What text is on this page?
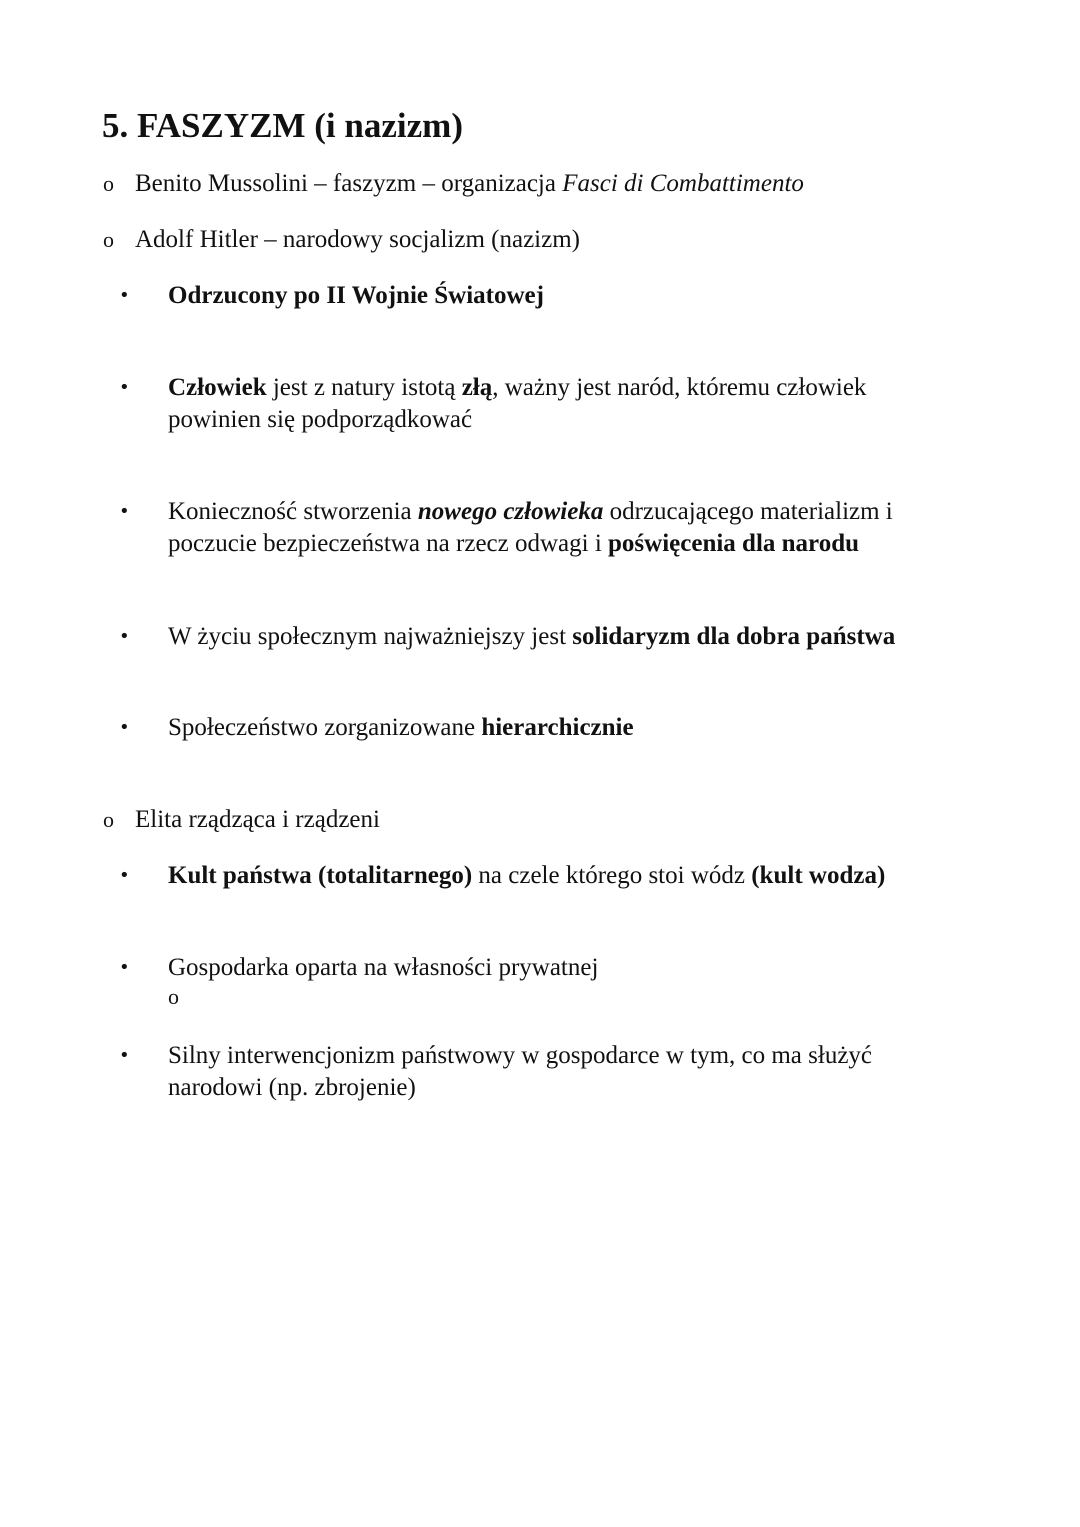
5. FASZYZM (i nazizm)
o Benito Mussolini – faszyzm – organizacja Fasci di Combattimento
o Adolf Hitler – narodowy socjalizm (nazizm)
• Odrzucony po II Wojnie Światowej
• Człowiek jest z natury istotą złą, ważny jest naród, któremu człowiek powinien się podporządkować
• Konieczność stworzenia nowego człowieka odrzucającego materializm i poczucie bezpieczeństwa na rzecz odwagi i poświęcenia dla narodu
• W życiu społecznym najważniejszy jest solidaryzm dla dobra państwa
• Społeczeństwo zorganizowane hierarchicznie
o Elita rządząca i rządzeni
• Kult państwa (totalitarnego) na czele którego stoi wódz (kult wodza)
• Gospodarka oparta na własności prywatnej
o
• Silny interwencjonizm państwowy w gospodarce w tym, co ma służyć narodowi (np. zbrojenie)
